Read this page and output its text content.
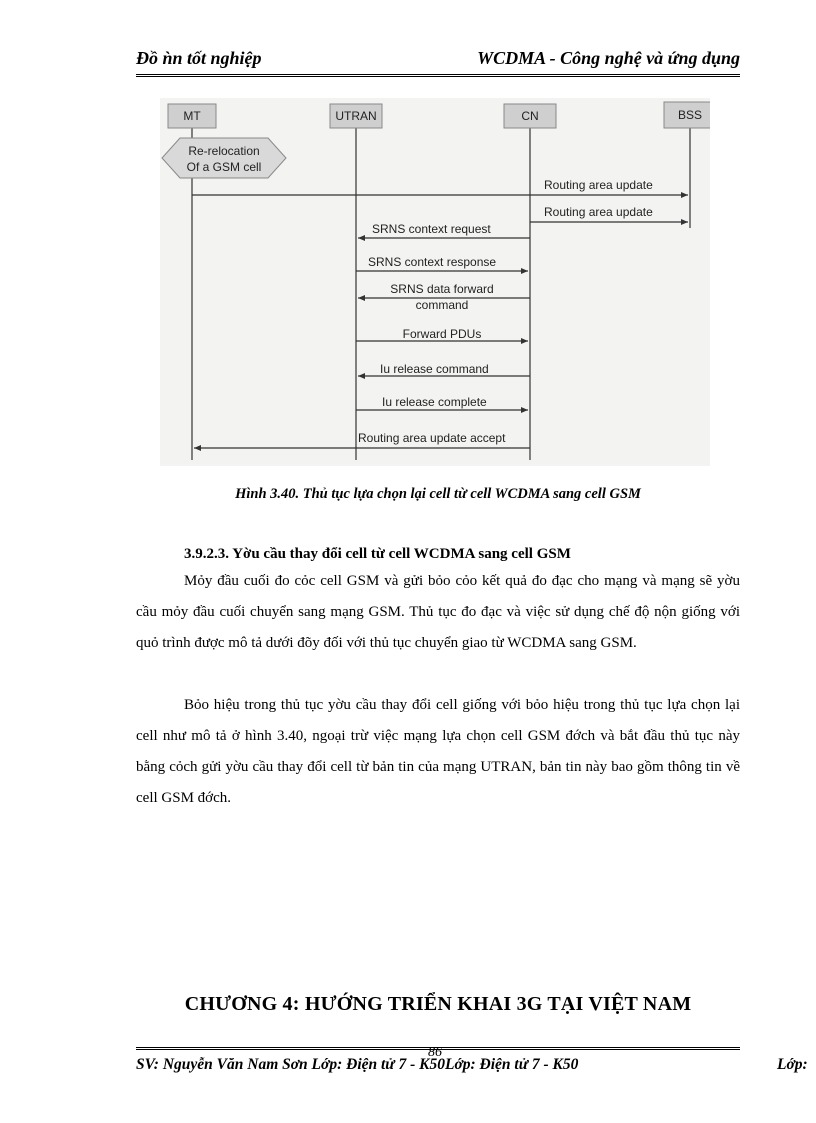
Đồ ǹn tốt nghiệp	WCDMA - Công nghệ và ứng dụng
MT	UTRAN	CN	BSS
Re-relocation
Of a GSM cell
Routing area update
Routing area update
SRNS context request
SRNS context response
SRNS data forward
command
Forward PDUs
Iu release command
Iu release complete
Routing area update accept
Hình 3.40. Thủ tục lựa chọn lại cell từ cell WCDMA sang cell GSM
3.9.2.3. Yờu cầu thay đổi cell từ cell WCDMA sang cell GSM
Mỏy đầu cuối đo cỏc cell GSM và gửi bỏo cỏo kết quả đo đạc cho mạng và mạng sẽ yờu cầu mỏy đầu cuối chuyển sang mạng GSM. Thủ tục đo đạc và việc sử dụng chế độ nộn giống với quỏ trình được mô tả dưới đõy đối với thủ tục chuyển giao từ WCDMA sang GSM.
Bỏo hiệu trong thủ tục yờu cầu thay đổi cell giống với bỏo hiệu trong thủ tục lựa chọn lại cell như mô tả ở hình 3.40, ngoại trừ việc mạng lựa chọn cell GSM đớch và bắt đầu thủ tục này bằng cỏch gửi yờu cầu thay đổi cell từ bản tin của mạng UTRAN, bản tin này bao gồm thông tin về cell GSM đớch.
CHƯƠNG 4: HƯỚNG TRIỂN KHAI 3G TẠI VIỆT NAM
86
SV: Nguyễn Văn Nam Sơn Lớp: Điện tử 7 - K50Lớp: Điện tử 7 - K50	Lớp:
